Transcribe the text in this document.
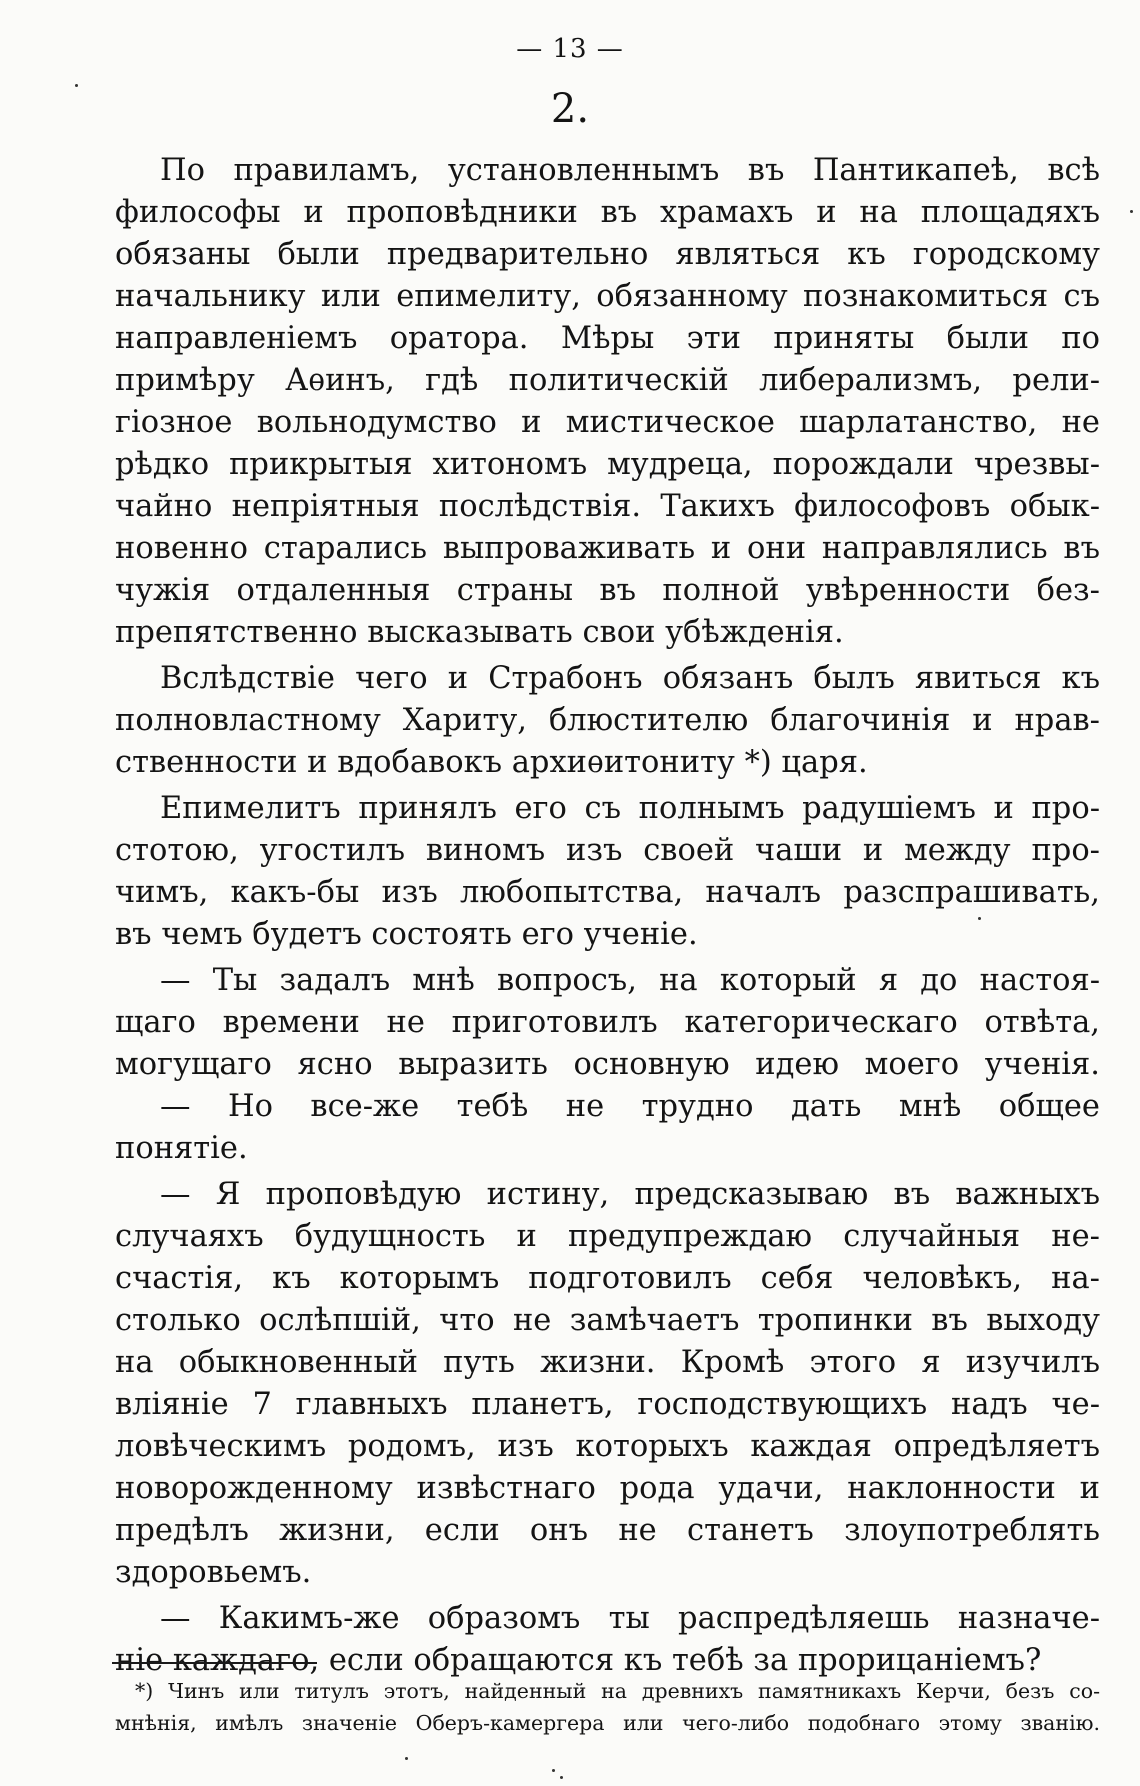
— 13 —
2.
По правиламъ, установленнымъ въ Пантикапеѣ, всѣ
философы и проповѣдники въ храмахъ и на площадяхъ
обязаны были предварительно являться къ городскому
начальнику или епимелиту, обязанному познакомиться съ
направленіемъ оратора. Мѣры эти приняты были по
примѣру Аѳинъ, гдѣ политическій либерализмъ, рели-
гіозное вольнодумство и мистическое шарлатанство, не
рѣдко прикрытыя хитономъ мудреца, порождали чрезвы-
чайно непріятныя послѣдствія. Такихъ философовъ обык-
новенно старались выпроваживать и они направлялись въ
чужія отдаленныя страны въ полной увѣренности без-
препятственно высказывать свои убѣжденія.
Вслѣдствіе чего и Страбонъ обязанъ былъ явиться къ
полновластному Хариту, блюстителю благочинія и нрав-
ственности и вдобавокъ архиѳитониту *) царя.
Епимелитъ принялъ его съ полнымъ радушіемъ и про-
стотою, угостилъ виномъ изъ своей чаши и между про-
чимъ, какъ-бы изъ любопытства, началъ разспрашивать,
въ чемъ будетъ состоять его ученіе.
— Ты задалъ мнѣ вопросъ, на который я до настоя-
щаго времени не приготовилъ категорическаго отвѣта,
могущаго ясно выразить основную идею моего ученія.
— Но все-же тебѣ не трудно дать мнѣ общее
понятіе.
— Я проповѣдую истину, предсказываю въ важныхъ
случаяхъ будущность и предупреждаю случайныя не-
счастія, къ которымъ подготовилъ себя человѣкъ, на-
столько ослѣпшій, что не замѣчаетъ тропинки въ выходу
на обыкновенный путь жизни. Кромѣ этого я изучилъ
вліяніе 7 главныхъ планетъ, господствующихъ надъ че-
ловѣческимъ родомъ, изъ которыхъ каждая опредѣляетъ
новорожденному извѣстнаго рода удачи, наклонности и
предѣлъ жизни, если онъ не станетъ злоупотреблять
здоровьемъ.
— Какимъ-же образомъ ты распредѣляешь назначе-
ніе каждаго, если обращаются къ тебѣ за прорицаніемъ?
*) Чинъ или титулъ этотъ, найденный на древнихъ памятникахъ Керчи, безъ со-
мнѣнія, имѣлъ значеніе Оберъ-камергера или чего-либо подобнаго этому званію.
